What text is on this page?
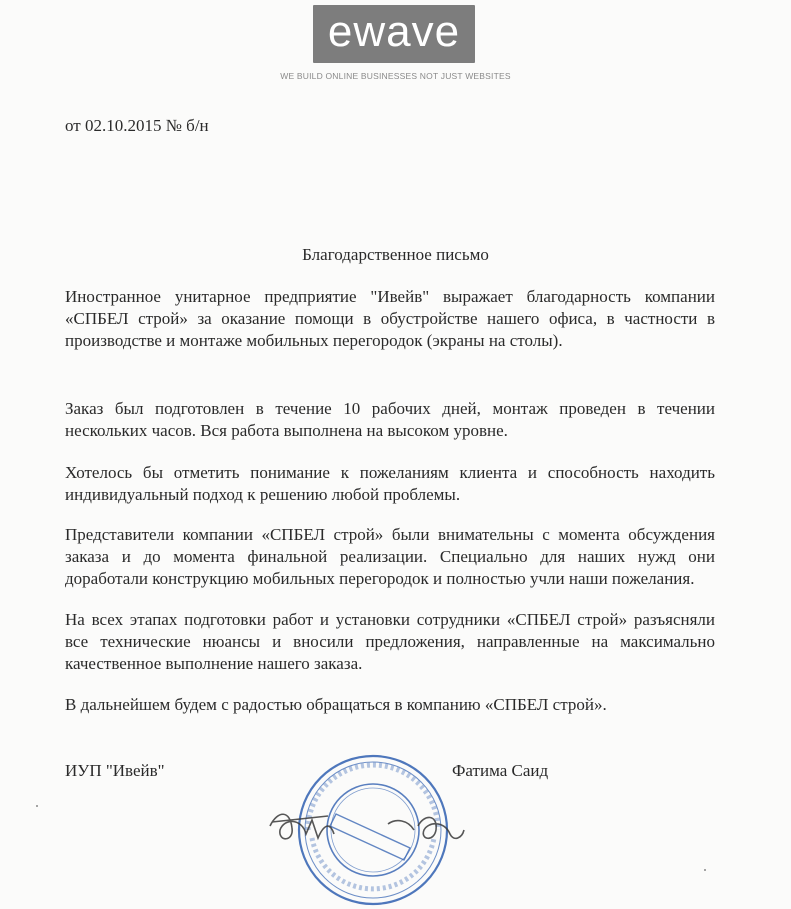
ewave
WE BUILD ONLINE BUSINESSES NOT JUST WEBSITES
от 02.10.2015 № б/н
Благодарственное письмо
Иностранное унитарное предприятие "Ивейв" выражает благодарность компании «СПБЕЛ строй» за оказание помощи в обустройстве нашего офиса, в частности в производстве и монтаже мобильных перегородок (экраны на столы).
Заказ был подготовлен в течение 10 рабочих дней, монтаж проведен в течении нескольких часов. Вся работа выполнена на высоком уровне.
Хотелось бы отметить понимание к пожеланиям клиента и способность находить индивидуальный подход к решению любой проблемы.
Представители компании «СПБЕЛ строй» были внимательны с момента обсуждения заказа и до момента финальной реализации. Специально для наших нужд они доработали конструкцию мобильных перегородок и полностью учли наши пожелания.
На всех этапах подготовки работ и установки сотрудники «СПБЕЛ строй» разъясняли все технические нюансы и вносили предложения, направленные на максимально качественное выполнение нашего заказа.
В дальнейшем будем с радостью обращаться в компанию «СПБЕЛ строй».
ИУП "Ивейв"	Фатима Саид
